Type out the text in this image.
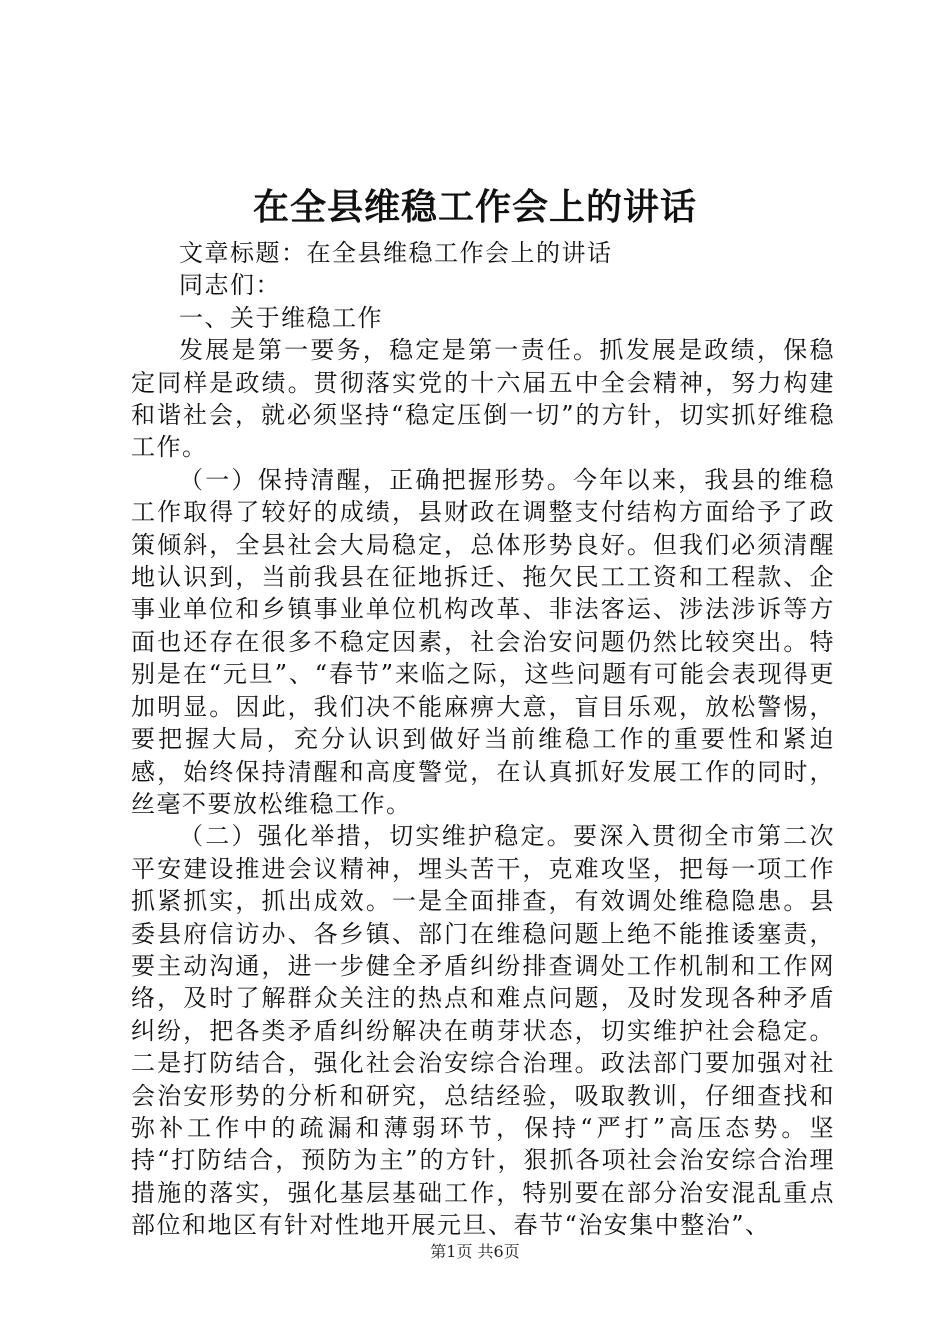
在全县维稳工作会上的讲话

文章标题：在全县维稳工作会上的讲话

同志们：

一、关于维稳工作

发展是第一要务，稳定是第一责任。抓发展是政绩，保稳定同样是政绩。贯彻落实党的十六届五中全会精神，努力构建和谐社会，就必须坚持“稳定压倒一切”的方针，切实抓好维稳工作。

（一）保持清醒，正确把握形势。今年以来，我县的维稳工作取得了较好的成绩，县财政在调整支付结构方面给予了政策倾斜，全县社会大局稳定，总体形势良好。但我们必须清醒地认识到，当前我县在征地拆迁、拖欠民工工资和工程款、企事业单位和乡镇事业单位机构改革、非法客运、涉法涉诉等方面也还存在很多不稳定因素，社会治安问题仍然比较突出。特别是在“元旦”、“春节”来临之际，这些问题有可能会表现得更加明显。因此，我们决不能麻痹大意，盲目乐观，放松警惕，要把握大局，充分认识到做好当前维稳工作的重要性和紧迫感，始终保持清醒和高度警觉，在认真抓好发展工作的同时，丝毫不要放松维稳工作。

（二）强化举措，切实维护稳定。要深入贯彻全市第二次平安建设推进会议精神，埋头苦干，克难攻坚，把每一项工作抓紧抓实，抓出成效。一是全面排查，有效调处维稳隐患。县委县府信访办、各乡镇、部门在维稳问题上绝不能推诿塞责，要主动沟通，进一步健全矛盾纠纷排查调处工作机制和工作网络，及时了解群众关注的热点和难点问题，及时发现各种矛盾纠纷，把各类矛盾纠纷解决在萌芽状态，切实维护社会稳定。二是打防结合，强化社会治安综合治理。政法部门要加强对社会治安形势的分析和研究，总结经验，吸取教训，仔细查找和弥补工作中的疏漏和薄弱环节，保持“严打”高压态势。坚持“打防结合，预防为主”的方针，狠抓各项社会治安综合治理措施的落实，强化基层基础工作，特别要在部分治安混乱重点部位和地区有针对性地开展元旦、春节“治安集中整治”、

第1页 共6页
